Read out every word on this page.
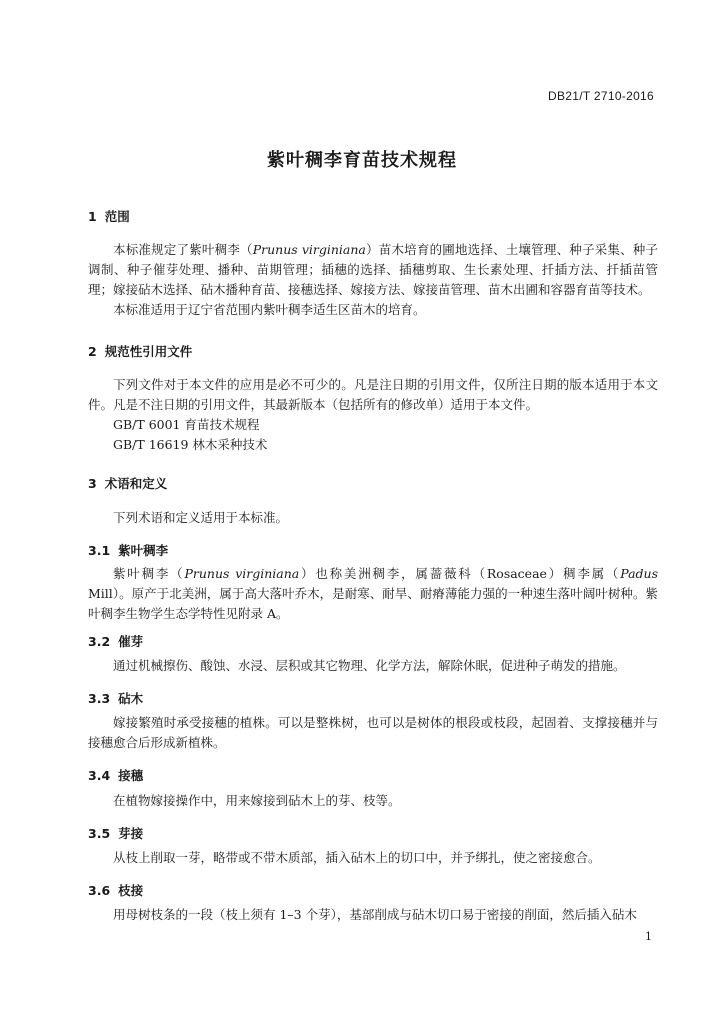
DB21/T 2710-2016
紫叶稠李育苗技术规程
1 范围

本标准规定了紫叶稠李（Prunus virginiana）苗木培育的圃地选择、土壤管理、种子采集、种子调制、种子催芽处理、播种、苗期管理；插穗的选择、插穗剪取、生长素处理、扦插方法、扦插苗管理；嫁接砧木选择、砧木播种育苗、接穗选择、嫁接方法、嫁接苗管理、苗木出圃和容器育苗等技术。

本标准适用于辽宁省范围内紫叶稠李适生区苗木的培育。

2 规范性引用文件

下列文件对于本文件的应用是必不可少的。凡是注日期的引用文件，仅所注日期的版本适用于本文件。凡是不注日期的引用文件，其最新版本（包括所有的修改单）适用于本文件。

GB/T 6001 育苗技术规程
GB/T 16619 林木采种技术
3 术语和定义

下列术语和定义适用于本标准。

3.1 紫叶稠李

紫叶稠李（Prunus virginiana）也称美洲稠李，属蔷薇科（Rosaceae）稠李属（Padus Mill）。原产于北美洲，属于高大落叶乔木，是耐寒、耐旱、耐瘠薄能力强的一种速生落叶阔叶树种。紫叶稠李生物学生态学特性见附录 A。

3.2 催芽

通过机械擦伤、酸蚀、水浸、层积或其它物理、化学方法，解除休眠，促进种子萌发的措施。

3.3 砧木

嫁接繁殖时承受接穗的植株。可以是整株树，也可以是树体的根段或枝段，起固着、支撑接穗并与接穗愈合后形成新植株。

3.4 接穗

在植物嫁接操作中，用来嫁接到砧木上的芽、枝等。

3.5 芽接

从枝上削取一芽，略带或不带木质部，插入砧木上的切口中，并予绑扎，使之密接愈合。

3.6 枝接

用母树枝条的一段（枝上须有 1–3 个芽），基部削成与砧木切口易于密接的削面，然后插入砧木

1
